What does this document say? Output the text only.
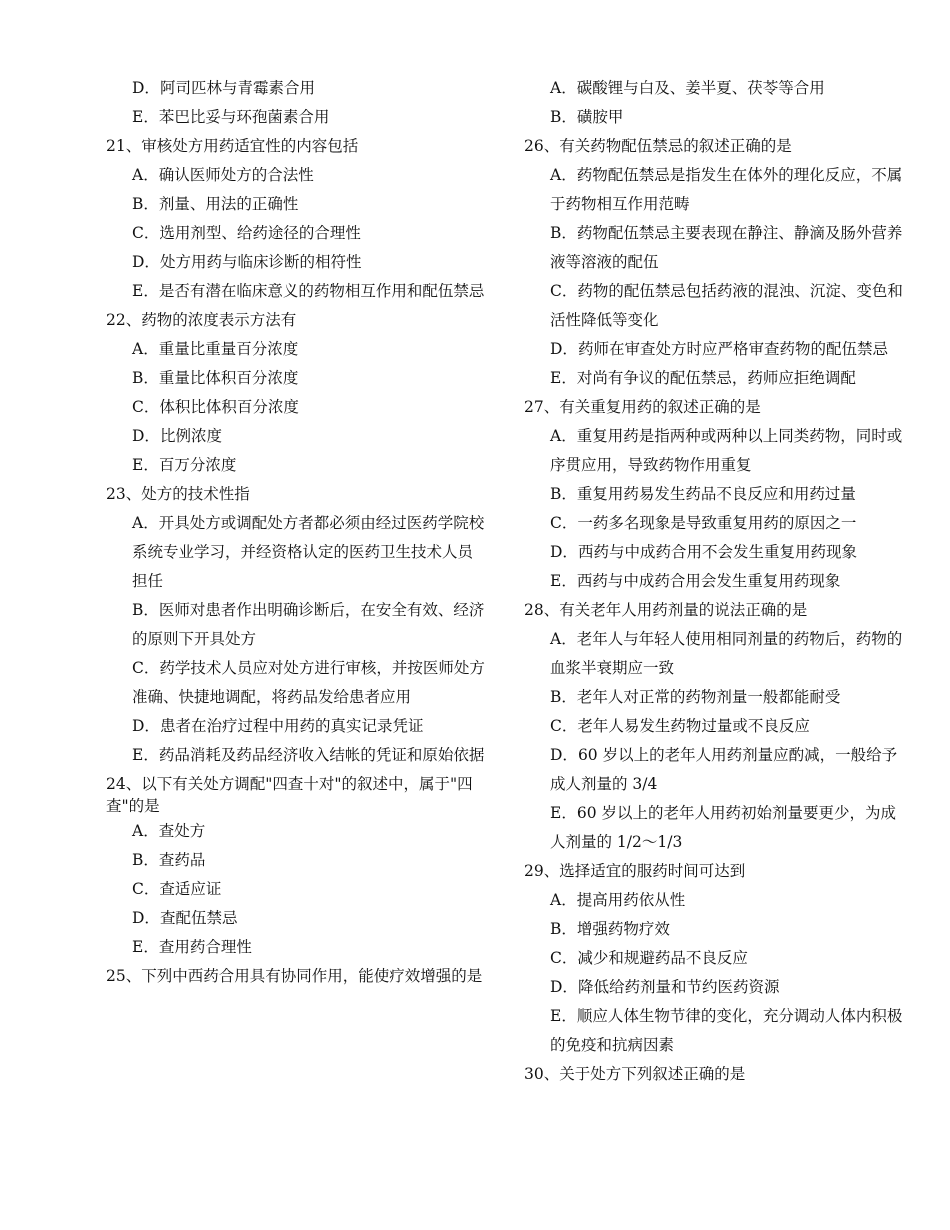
D．阿司匹林与青霉素合用
E．苯巴比妥与环孢菌素合用
21、审核处方用药适宜性的内容包括
A．确认医师处方的合法性
B．剂量、用法的正确性
C．选用剂型、给药途径的合理性
D．处方用药与临床诊断的相符性
E．是否有潜在临床意义的药物相互作用和配伍禁忌
22、药物的浓度表示方法有
A．重量比重量百分浓度
B．重量比体积百分浓度
C．体积比体积百分浓度
D．比例浓度
E．百万分浓度
23、处方的技术性指
A．开具处方或调配处方者都必须由经过医药学院校系统专业学习，并经资格认定的医药卫生技术人员担任
B．医师对患者作出明确诊断后，在安全有效、经济的原则下开具处方
C．药学技术人员应对处方进行审核，并按医师处方准确、快捷地调配，将药品发给患者应用
D．患者在治疗过程中用药的真实记录凭证
E．药品消耗及药品经济收入结帐的凭证和原始依据
24、以下有关处方调配"四查十对"的叙述中，属于"四查"的是
A．查处方
B．查药品
C．查适应证
D．查配伍禁忌
E．查用药合理性
25、下列中西药合用具有协同作用，能使疗效增强的是
A．碳酸锂与白及、姜半夏、茯苓等合用
B．磺胺甲
26、有关药物配伍禁忌的叙述正确的是
A．药物配伍禁忌是指发生在体外的理化反应，不属于药物相互作用范畴
B．药物配伍禁忌主要表现在静注、静滴及肠外营养液等溶液的配伍
C．药物的配伍禁忌包括药液的混浊、沉淀、变色和活性降低等变化
D．药师在审查处方时应严格审查药物的配伍禁忌
E．对尚有争议的配伍禁忌，药师应拒绝调配
27、有关重复用药的叙述正确的是
A．重复用药是指两种或两种以上同类药物，同时或序贯应用，导致药物作用重复
B．重复用药易发生药品不良反应和用药过量
C．一药多名现象是导致重复用药的原因之一
D．西药与中成药合用不会发生重复用药现象
E．西药与中成药合用会发生重复用药现象
28、有关老年人用药剂量的说法正确的是
A．老年人与年轻人使用相同剂量的药物后，药物的血浆半衰期应一致
B．老年人对正常的药物剂量一般都能耐受
C．老年人易发生药物过量或不良反应
D．60 岁以上的老年人用药剂量应酌减，一般给予成人剂量的 3/4
E．60 岁以上的老年人用药初始剂量要更少，为成人剂量的 1/2～1/3
29、选择适宜的服药时间可达到
A．提高用药依从性
B．增强药物疗效
C．减少和规避药品不良反应
D．降低给药剂量和节约医药资源
E．顺应人体生物节律的变化，充分调动人体内积极的免疫和抗病因素
30、关于处方下列叙述正确的是
